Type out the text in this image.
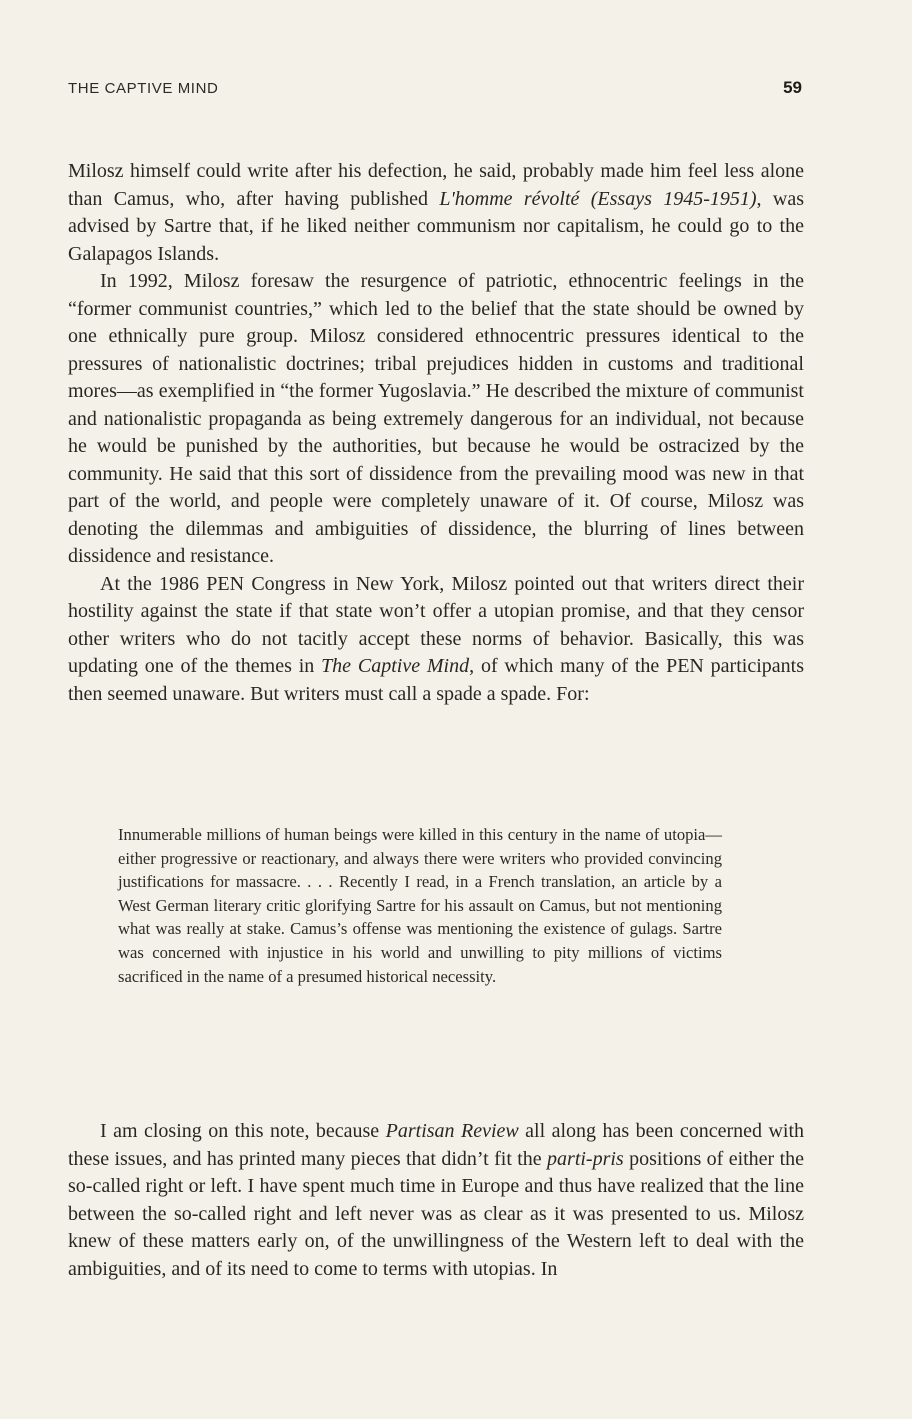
THE CAPTIVE MIND	59

Milosz himself could write after his defection, he said, probably made him feel less alone than Camus, who, after having published L'homme révolté (Essays 1945-1951), was advised by Sartre that, if he liked neither communism nor capitalism, he could go to the Galapagos Islands.

In 1992, Milosz foresaw the resurgence of patriotic, ethnocentric feelings in the “former communist countries,” which led to the belief that the state should be owned by one ethnically pure group. Milosz considered ethnocentric pressures identical to the pressures of nationalistic doctrines; tribal prejudices hidden in customs and traditional mores—as exemplified in “the former Yugoslavia.” He described the mixture of communist and nationalistic propaganda as being extremely dangerous for an individual, not because he would be punished by the authorities, but because he would be ostracized by the community. He said that this sort of dissidence from the prevailing mood was new in that part of the world, and people were completely unaware of it. Of course, Milosz was denoting the dilemmas and ambiguities of dissidence, the blurring of lines between dissidence and resistance.

At the 1986 PEN Congress in New York, Milosz pointed out that writers direct their hostility against the state if that state won’t offer a utopian promise, and that they censor other writers who do not tacitly accept these norms of behavior. Basically, this was updating one of the themes in The Captive Mind, of which many of the PEN participants then seemed unaware. But writers must call a spade a spade. For:

Innumerable millions of human beings were killed in this century in the name of utopia—either progressive or reactionary, and always there were writers who provided convincing justifications for massacre. . . . Recently I read, in a French translation, an article by a West German literary critic glorifying Sartre for his assault on Camus, but not mentioning what was really at stake. Camus’s offense was mentioning the existence of gulags. Sartre was concerned with injustice in his world and unwilling to pity millions of victims sacrificed in the name of a presumed historical necessity.

I am closing on this note, because Partisan Review all along has been concerned with these issues, and has printed many pieces that didn’t fit the parti-pris positions of either the so-called right or left. I have spent much time in Europe and thus have realized that the line between the so-called right and left never was as clear as it was presented to us. Milosz knew of these matters early on, of the unwillingness of the Western left to deal with the ambiguities, and of its need to come to terms with utopias. In
